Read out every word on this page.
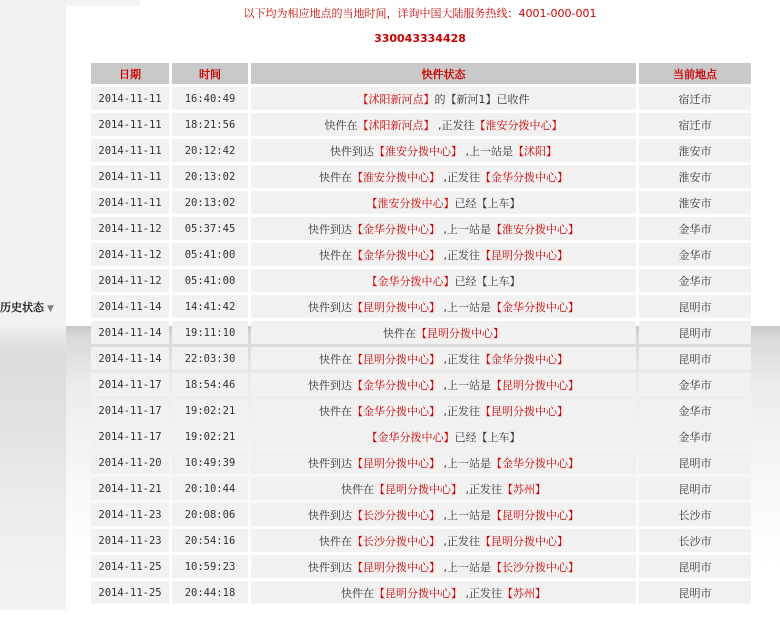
历史状态 ▼
以下均为相应地点的当地时间，详询中国大陆服务热线：4001-000-001
330043334428
日期	时间	快件状态	当前地点
2014-11-11	16:40:49	【沭阳新河点】的【新河1】已收件	宿迁市
2014-11-11	18:21:56	快件在【沭阳新河点】 ,正发往【淮安分拨中心】	宿迁市
2014-11-11	20:12:42	快件到达【淮安分拨中心】 ,上一站是【沭阳】	淮安市
2014-11-11	20:13:02	快件在【淮安分拨中心】 ,正发往【金华分拨中心】	淮安市
2014-11-11	20:13:02	【淮安分拨中心】已经【上车】	淮安市
2014-11-12	05:37:45	快件到达【金华分拨中心】 ,上一站是【淮安分拨中心】	金华市
2014-11-12	05:41:00	快件在【金华分拨中心】 ,正发往【昆明分拨中心】	金华市
2014-11-12	05:41:00	【金华分拨中心】已经【上车】	金华市
2014-11-14	14:41:42	快件到达【昆明分拨中心】 ,上一站是【金华分拨中心】	昆明市
2014-11-14	19:11:10	快件在【昆明分拨中心】	昆明市
2014-11-14	22:03:30	快件在【昆明分拨中心】 ,正发往【金华分拨中心】	昆明市
2014-11-17	18:54:46	快件到达【金华分拨中心】 ,上一站是【昆明分拨中心】	金华市
2014-11-17	19:02:21	快件在【金华分拨中心】 ,正发往【昆明分拨中心】	金华市
2014-11-17	19:02:21	【金华分拨中心】已经【上车】	金华市
2014-11-20	10:49:39	快件到达【昆明分拨中心】 ,上一站是【金华分拨中心】	昆明市
2014-11-21	20:10:44	快件在【昆明分拨中心】 ,正发往【苏州】	昆明市
2014-11-23	20:08:06	快件到达【长沙分拨中心】 ,上一站是【昆明分拨中心】	长沙市
2014-11-23	20:54:16	快件在【长沙分拨中心】 ,正发往【昆明分拨中心】	长沙市
2014-11-25	10:59:23	快件到达【昆明分拨中心】 ,上一站是【长沙分拨中心】	昆明市
2014-11-25	20:44:18	快件在【昆明分拨中心】 ,正发往【苏州】	昆明市
